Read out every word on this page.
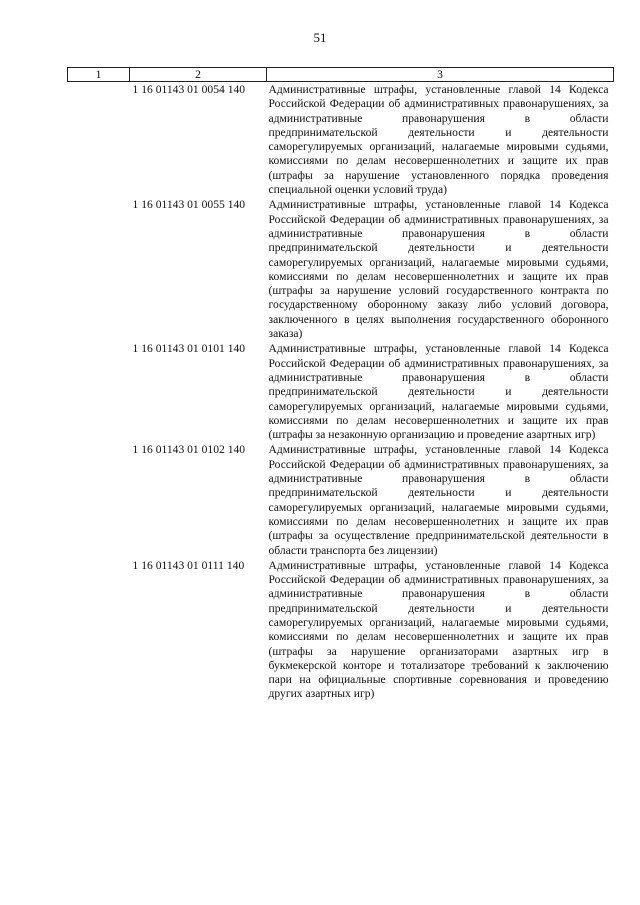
51
1	2	3
	1 16 01143 01 0054 140	Административные штрафы, установленные главой 14 Кодекса Российской Федерации об административных правонарушениях, за административные правонарушения в области предпринимательской деятельности и деятельности саморегулируемых организаций, налагаемые мировыми судьями, комиссиями по делам несовершеннолетних и защите их прав (штрафы за нарушение установленного порядка проведения специальной оценки условий труда)
	1 16 01143 01 0055 140	Административные штрафы, установленные главой 14 Кодекса Российской Федерации об административных правонарушениях, за административные правонарушения в области предпринимательской деятельности и деятельности саморегулируемых организаций, налагаемые мировыми судьями, комиссиями по делам несовершеннолетних и защите их прав (штрафы за нарушение условий государственного контракта по государственному оборонному заказу либо условий договора, заключенного в целях выполнения государственного оборонного заказа)
	1 16 01143 01 0101 140	Административные штрафы, установленные главой 14 Кодекса Российской Федерации об административных правонарушениях, за административные правонарушения в области предпринимательской деятельности и деятельности саморегулируемых организаций, налагаемые мировыми судьями, комиссиями по делам несовершеннолетних и защите их прав (штрафы за незаконную организацию и проведение азартных игр)
	1 16 01143 01 0102 140	Административные штрафы, установленные главой 14 Кодекса Российской Федерации об административных правонарушениях, за административные правонарушения в области предпринимательской деятельности и деятельности саморегулируемых организаций, налагаемые мировыми судьями, комиссиями по делам несовершеннолетних и защите их прав (штрафы за осуществление предпринимательской деятельности в области транспорта без лицензии)
	1 16 01143 01 0111 140	Административные штрафы, установленные главой 14 Кодекса Российской Федерации об административных правонарушениях, за административные правонарушения в области предпринимательской деятельности и деятельности саморегулируемых организаций, налагаемые мировыми судьями, комиссиями по делам несовершеннолетних и защите их прав (штрафы за нарушение организаторами азартных игр в букмекерской конторе и тотализаторе требований к заключению пари на официальные спортивные соревнования и проведению других азартных игр)
